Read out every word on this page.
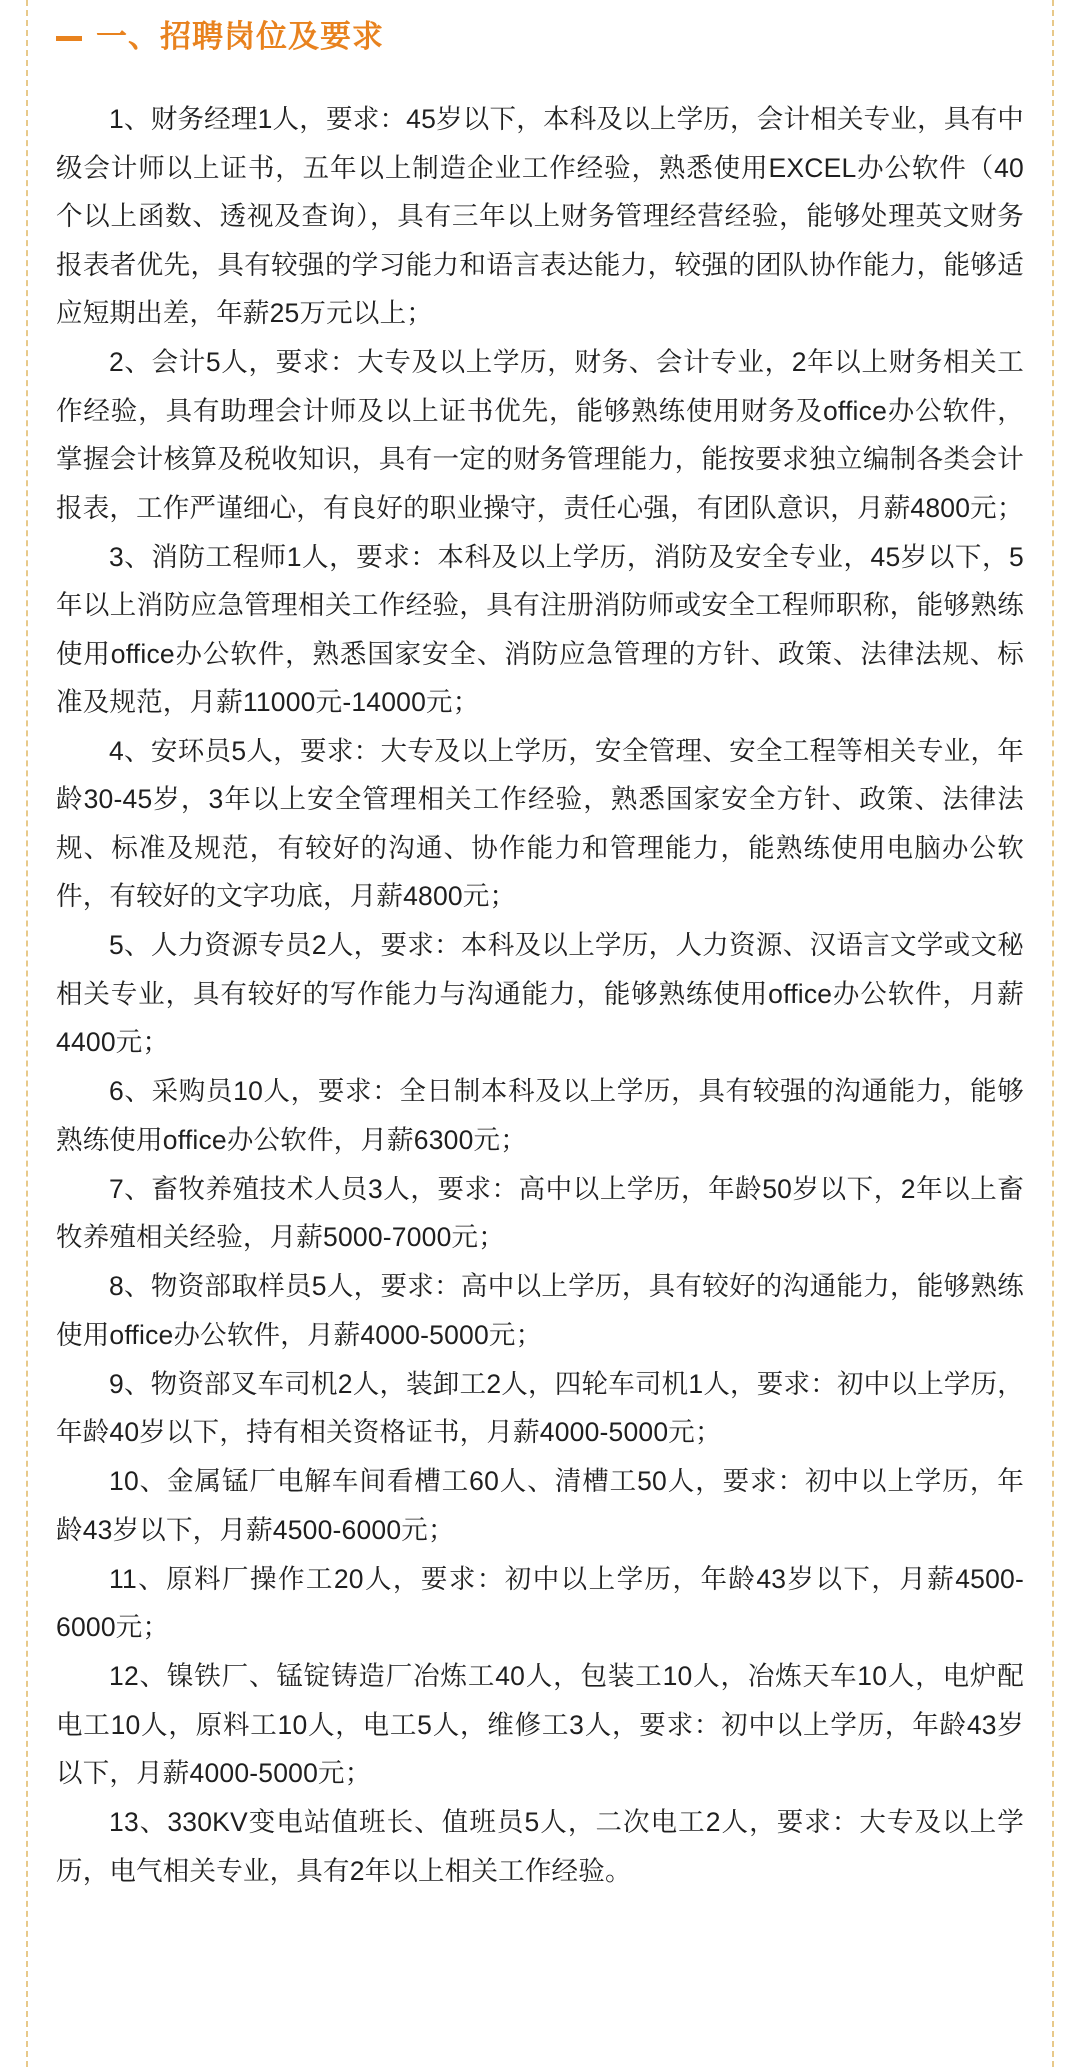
一、招聘岗位及要求

1、财务经理1人，要求：45岁以下，本科及以上学历，会计相关专业，具有中级会计师以上证书，五年以上制造企业工作经验，熟悉使用EXCEL办公软件（40个以上函数、透视及查询），具有三年以上财务管理经营经验，能够处理英文财务报表者优先，具有较强的学习能力和语言表达能力，较强的团队协作能力，能够适应短期出差，年薪25万元以上；

2、会计5人，要求：大专及以上学历，财务、会计专业，2年以上财务相关工作经验，具有助理会计师及以上证书优先，能够熟练使用财务及office办公软件，掌握会计核算及税收知识，具有一定的财务管理能力，能按要求独立编制各类会计报表，工作严谨细心，有良好的职业操守，责任心强，有团队意识，月薪4800元；

3、消防工程师1人，要求：本科及以上学历，消防及安全专业，45岁以下，5年以上消防应急管理相关工作经验，具有注册消防师或安全工程师职称，能够熟练使用office办公软件，熟悉国家安全、消防应急管理的方针、政策、法律法规、标准及规范，月薪11000元-14000元；

4、安环员5人，要求：大专及以上学历，安全管理、安全工程等相关专业，年龄30-45岁，3年以上安全管理相关工作经验，熟悉国家安全方针、政策、法律法规、标准及规范，有较好的沟通、协作能力和管理能力，能熟练使用电脑办公软件，有较好的文字功底，月薪4800元；

5、人力资源专员2人，要求：本科及以上学历，人力资源、汉语言文学或文秘相关专业，具有较好的写作能力与沟通能力，能够熟练使用office办公软件，月薪4400元；

6、采购员10人，要求：全日制本科及以上学历，具有较强的沟通能力，能够熟练使用office办公软件，月薪6300元；

7、畜牧养殖技术人员3人，要求：高中以上学历，年龄50岁以下，2年以上畜牧养殖相关经验，月薪5000-7000元；

8、物资部取样员5人，要求：高中以上学历，具有较好的沟通能力，能够熟练使用office办公软件，月薪4000-5000元；

9、物资部叉车司机2人，装卸工2人，四轮车司机1人，要求：初中以上学历，年龄40岁以下，持有相关资格证书，月薪4000-5000元；

10、金属锰厂电解车间看槽工60人、清槽工50人，要求：初中以上学历，年龄43岁以下，月薪4500-6000元；

11、原料厂操作工20人，要求：初中以上学历，年龄43岁以下，月薪4500-6000元；

12、镍铁厂、锰锭铸造厂冶炼工40人，包装工10人，冶炼天车10人，电炉配电工10人，原料工10人，电工5人，维修工3人，要求：初中以上学历，年龄43岁以下，月薪4000-5000元；

13、330KV变电站值班长、值班员5人，二次电工2人，要求：大专及以上学历，电气相关专业，具有2年以上相关工作经验。
